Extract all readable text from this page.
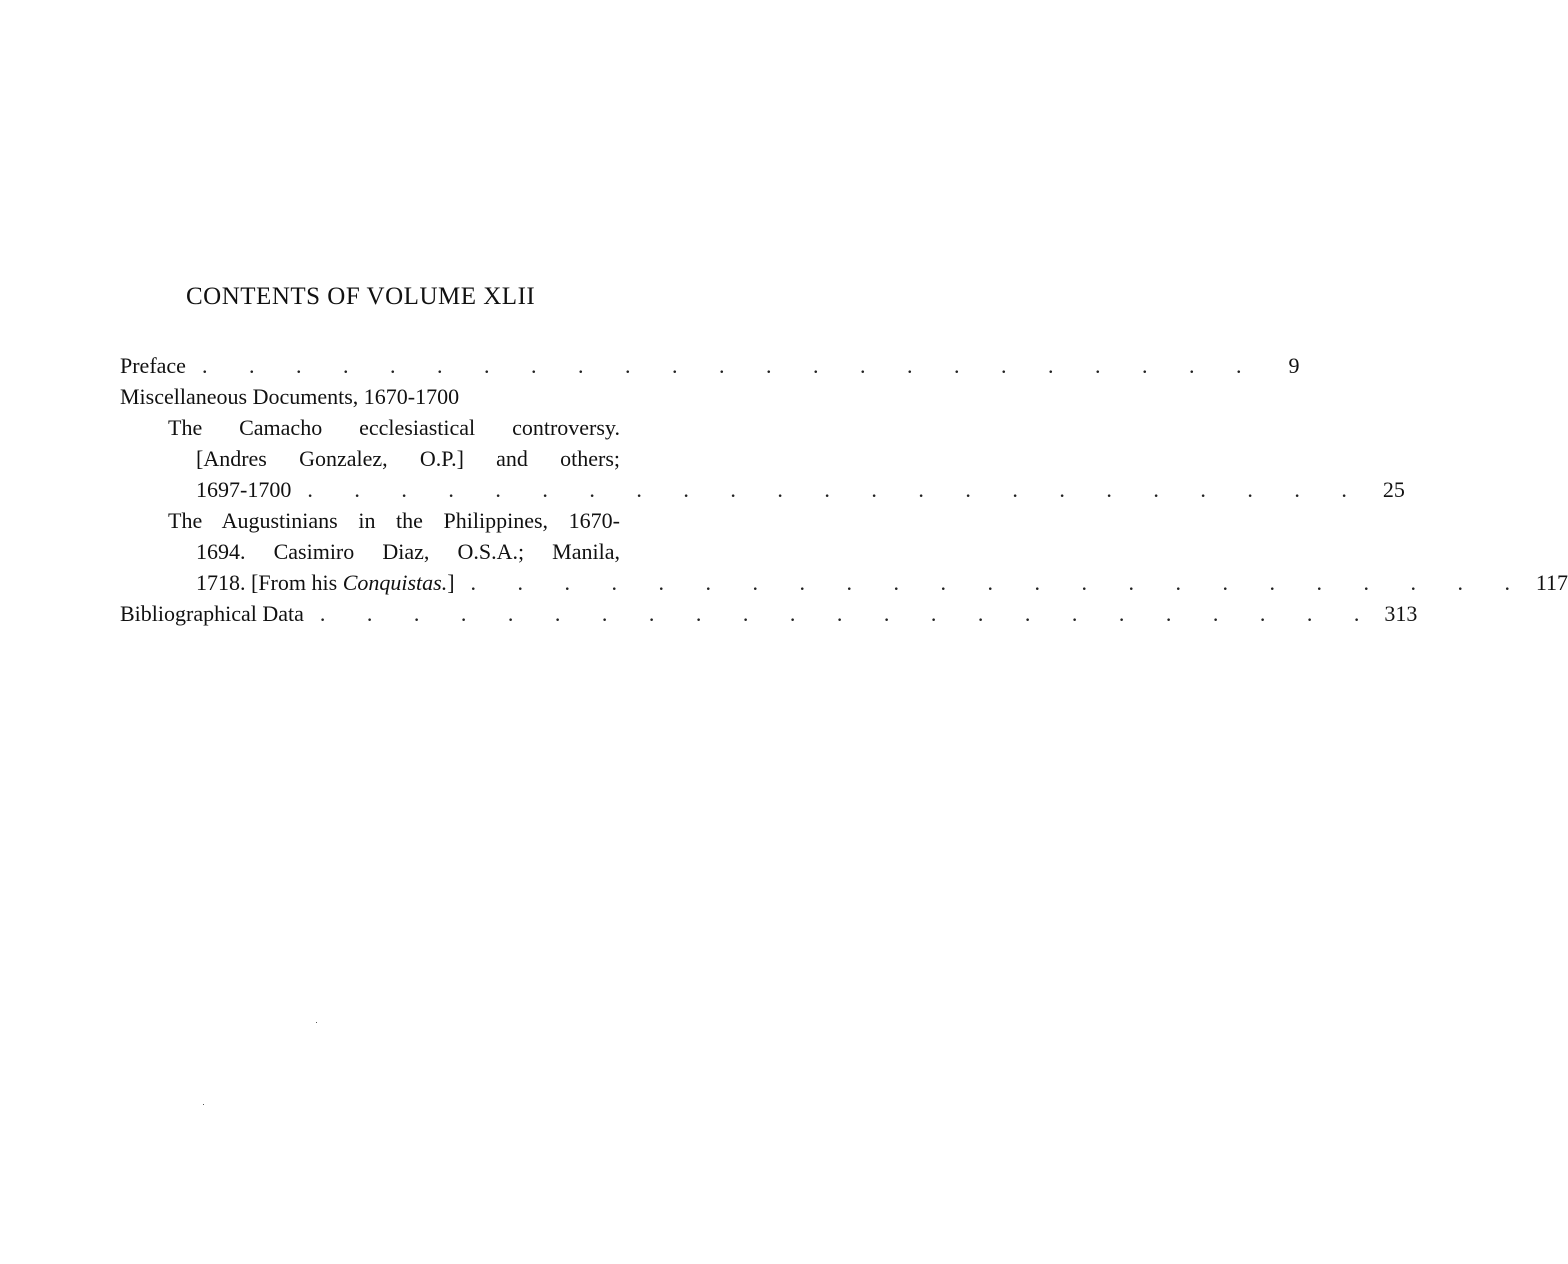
CONTENTS OF VOLUME XLII
Preface . . . . . . . . . . . . . . . . . . . . . . .	9
Miscellaneous Documents, 1670-1700
The Camacho ecclesiastical controversy.
[Andres Gonzalez, O.P.] and others;
1697-1700 . . . . . . . . . . . . . . . . . . . . . . . 25
The Augustinians in the Philippines, 1670-
1694. Casimiro Diaz, O.S.A.; Manila,
1718. [From his Conquistas.] . . . . . . . . . . . . . . . . . . . . . . . 117
Bibliographical Data . . . . . . . . . . . . . . . . . . . . . . . 313
